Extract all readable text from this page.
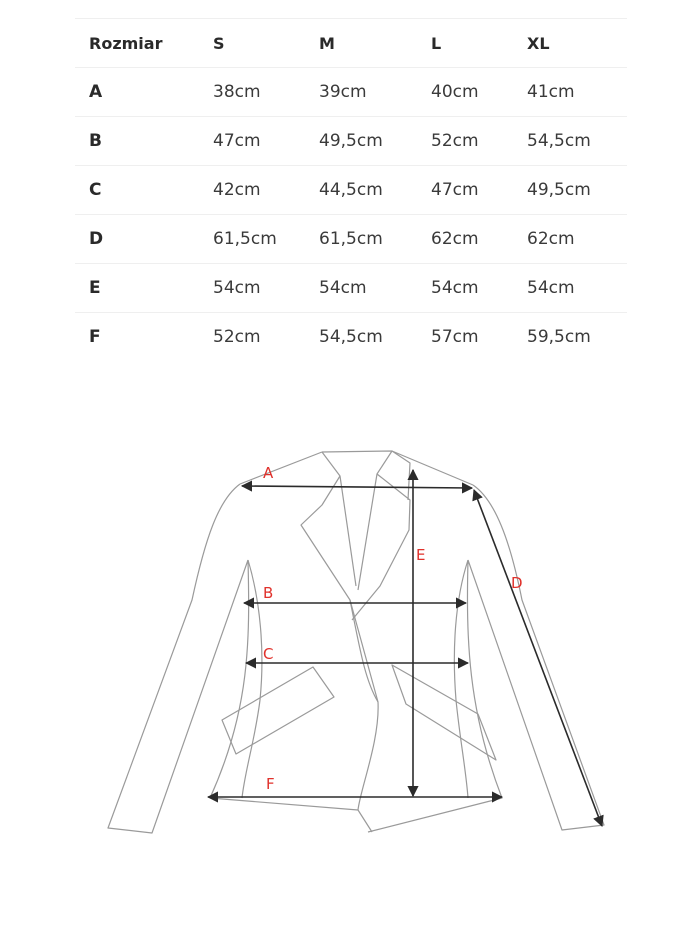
Rozmiar	S	M	L	XL
A	38cm	39cm	40cm	41cm
B	47cm	49,5cm	52cm	54,5cm
C	42cm	44,5cm	47cm	49,5cm
D	61,5cm	61,5cm	62cm	62cm
E	54cm	54cm	54cm	54cm
F	52cm	54,5cm	57cm	59,5cm
A
B
C
D
E
F
